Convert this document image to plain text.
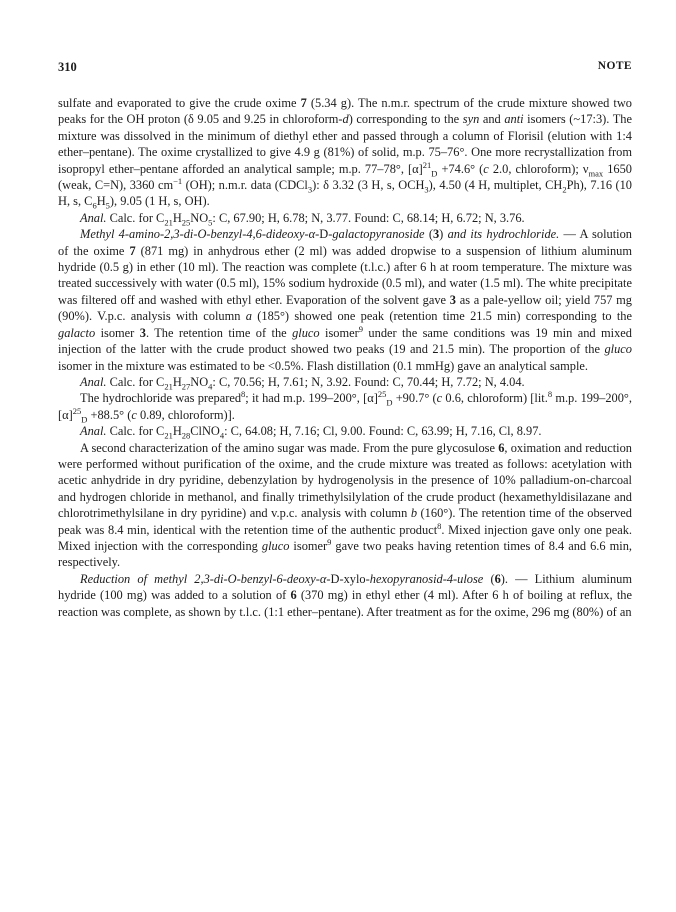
310	NOTE

sulfate and evaporated to give the crude oxime 7 (5.34 g). The n.m.r. spectrum of the crude mixture showed two peaks for the OH proton (δ 9.05 and 9.25 in chloroform-d) corresponding to the syn and anti isomers (~17:3). The mixture was dissolved in the minimum of diethyl ether and passed through a column of Florisil (elution with 1:4 ether–pentane). The oxime crystallized to give 4.9 g (81%) of solid, m.p. 75–76°. One more recrystallization from isopropyl ether–pentane afforded an analytical sample; m.p. 77–78°, $[\alpha]^{21}_D +74.6^\circ$ (c 2.0, chloroform); $\nu_{max}$ 1650 (weak, C=N), 3360 $cm^{-1}$ (OH); n.m.r. data (CDCl$_3$): δ 3.32 (3 H, s, $OCH_3$), 4.50 (4 H, multiplet, $CH_2Ph$), 7.16 (10 H, s, $C_6H_5$), 9.05 (1 H, s, OH).

Anal. Calc. for $C_{21}H_{25}NO_5$: C, 67.90; H, 6.78; N, 3.77. Found: C, 68.14; H, 6.72; N, 3.76.

Methyl 4-amino-2,3-di-O-benzyl-4,6-dideoxy-α-D-galactopyranoside (3) and its hydrochloride. — A solution of the oxime 7 (871 mg) in anhydrous ether (2 ml) was added dropwise to a suspension of lithium aluminum hydride (0.5 g) in ether (10 ml). The reaction was complete (t.l.c.) after 6 h at room temperature. The mixture was treated successively with water (0.5 ml), 15% sodium hydroxide (0.5 ml), and water (1.5 ml). The white precipitate was filtered off and washed with ethyl ether. Evaporation of the solvent gave 3 as a pale-yellow oil; yield 757 mg (90%). V.p.c. analysis with column a (185°) showed one peak (retention time 21.5 min) corresponding to the galacto isomer 3. The retention time of the gluco isomer$^9$ under the same conditions was 19 min and mixed injection of the latter with the crude product showed two peaks (19 and 21.5 min). The proportion of the gluco isomer in the mixture was estimated to be <0.5%. Flash distillation (0.1 mmHg) gave an analytical sample.

Anal. Calc. for $C_{21}H_{27}NO_4$: C, 70.56; H, 7.61; N, 3.92. Found: C, 70.44; H, 7.72; N, 4.04.

The hydrochloride was prepared$^8$; it had m.p. 199–200°, $[\alpha]^{25}_D +90.7^\circ$ (c 0.6, chloroform) [lit.$^8$ m.p. 199–200°, $[\alpha]^{25}_D +88.5^\circ$ (c 0.89, chloroform)].

Anal. Calc. for $C_{21}H_{28}ClNO_4$: C, 64.08; H, 7.16; Cl, 9.00. Found: C, 63.99; H, 7.16, Cl, 8.97.

A second characterization of the amino sugar was made. From the pure glycosulose 6, oximation and reduction were performed without purification of the oxime, and the crude mixture was treated as follows: acetylation with acetic anhydride in dry pyridine, debenzylation by hydrogenolysis in the presence of 10% palladium-on-charcoal and hydrogen chloride in methanol, and finally trimethylsilylation of the crude product (hexamethyldisilazane and chlorotrimethylsilane in dry pyridine) and v.p.c. analysis with column b (160°). The retention time of the observed peak was 8.4 min, identical with the retention time of the authentic product$^8$. Mixed injection gave only one peak. Mixed injection with the corresponding gluco isomer$^9$ gave two peaks having retention times of 8.4 and 6.6 min, respectively.

Reduction of methyl 2,3-di-O-benzyl-6-deoxy-α-D-xylo-hexopyranosid-4-ulose (6). — Lithium aluminum hydride (100 mg) was added to a solution of 6 (370 mg) in ethyl ether (4 ml). After 6 h of boiling at reflux, the reaction was complete, as shown by t.l.c. (1:1 ether–pentane). After treatment as for the oxime, 296 mg (80%) of an
